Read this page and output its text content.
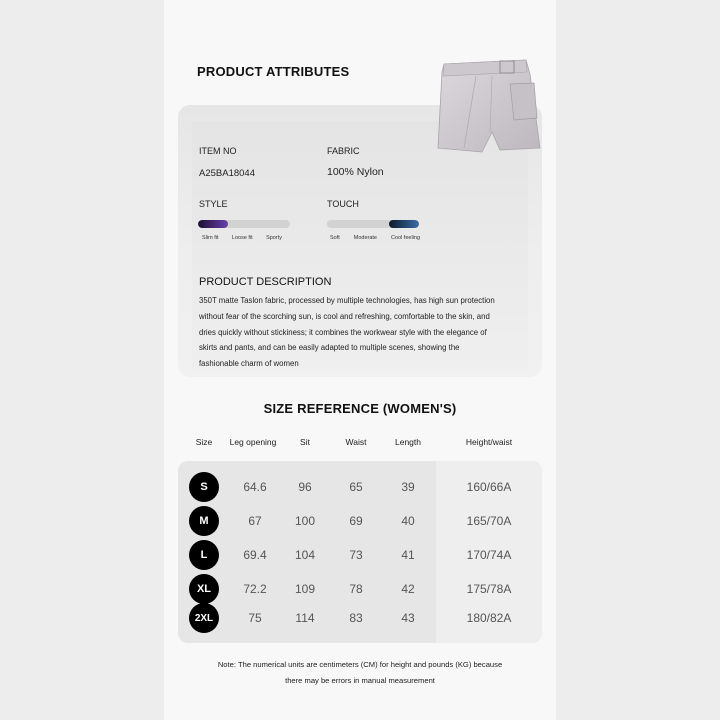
PRODUCT ATTRIBUTES
ITEM NO
A25BA18044
FABRIC
100% Nylon
STYLE
Slim fit Loose fit Sporty
TOUCH
Soft	Moderate	Cool feeling
PRODUCT DESCRIPTION
350T matte Taslon fabric, processed by multiple technologies, has high sun protection
without fear of the scorching sun, is cool and refreshing, comfortable to the skin, and
dries quickly without stickiness; it combines the workwear style with the elegance of
skirts and pants, and can be easily adapted to multiple scenes, showing the
fashionable charm of women
SIZE REFERENCE (WOMEN'S)
Size	Leg opening	Sit	Waist	Length	Height/waist
S	64.6	96	65	39	160/66A
M	67	100	69	40	165/70A
L	69.4	104	73	41	170/74A
XL	72.2	109	78	42	175/78A
2XL	75	114	83	43	180/82A
Note: The numerical units are centimeters (CM) for height and pounds (KG) because
there may be errors in manual measurement
